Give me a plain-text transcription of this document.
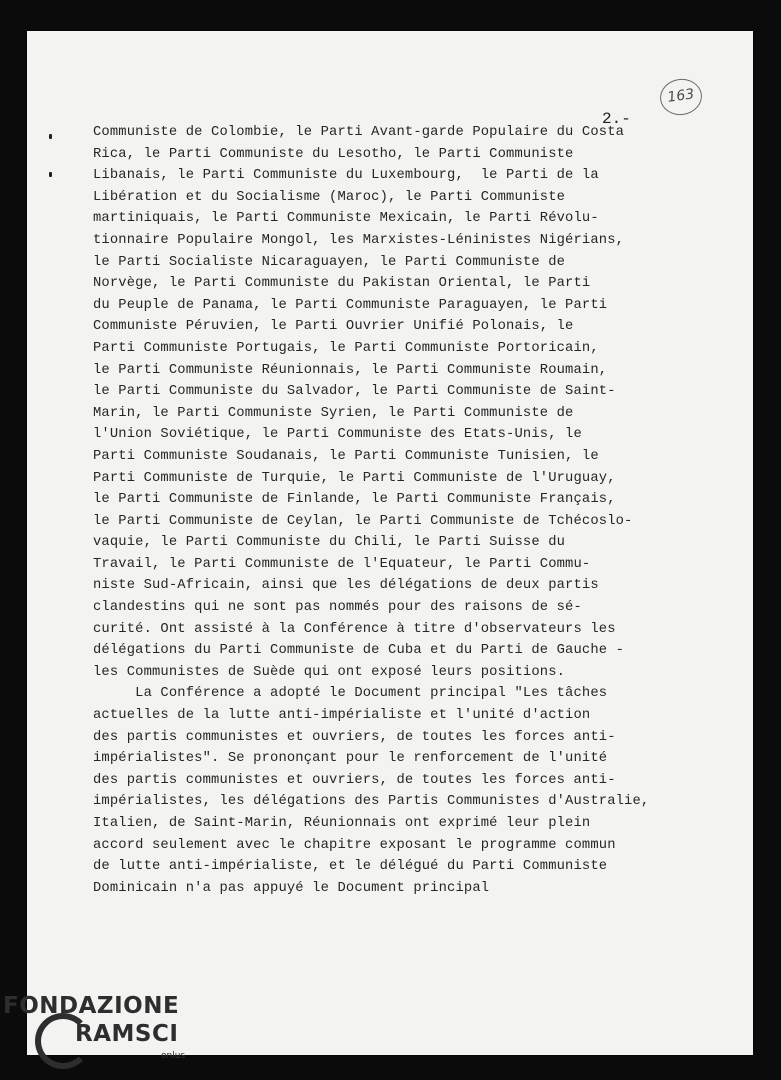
163
2.-
Communiste de Colombie, le Parti Avant-garde Populaire du Costa
Rica, le Parti Communiste du Lesotho, le Parti Communiste
Libanais, le Parti Communiste du Luxembourg,  le Parti de la
Libération et du Socialisme (Maroc), le Parti Communiste
martiniquais, le Parti Communiste Mexicain, le Parti Révolu-
tionnaire Populaire Mongol, les Marxistes-Léninistes Nigérians,
le Parti Socialiste Nicaraguayen, le Parti Communiste de
Norvège, le Parti Communiste du Pakistan Oriental, le Parti
du Peuple de Panama, le Parti Communiste Paraguayen, le Parti
Communiste Péruvien, le Parti Ouvrier Unifié Polonais, le
Parti Communiste Portugais, le Parti Communiste Portoricain,
le Parti Communiste Réunionnais, le Parti Communiste Roumain,
le Parti Communiste du Salvador, le Parti Communiste de Saint-
Marin, le Parti Communiste Syrien, le Parti Communiste de
l'Union Soviétique, le Parti Communiste des Etats-Unis, le
Parti Communiste Soudanais, le Parti Communiste Tunisien, le
Parti Communiste de Turquie, le Parti Communiste de l'Uruguay,
le Parti Communiste de Finlande, le Parti Communiste Français,
le Parti Communiste de Ceylan, le Parti Communiste de Tchécoslo-
vaquie, le Parti Communiste du Chili, le Parti Suisse du
Travail, le Parti Communiste de l'Equateur, le Parti Commu-
niste Sud-Africain, ainsi que les délégations de deux partis
clandestins qui ne sont pas nommés pour des raisons de sé-
curité. Ont assisté à la Conférence à titre d'observateurs les
délégations du Parti Communiste de Cuba et du Parti de Gauche -
les Communistes de Suède qui ont exposé leurs positions.
La Conférence a adopté le Document principal "Les tâches
actuelles de la lutte anti-impérialiste et l'unité d'action
des partis communistes et ouvriers, de toutes les forces anti-
impérialistes". Se prononçant pour le renforcement de l'unité
des partis communistes et ouvriers, de toutes les forces anti-
impérialistes, les délégations des Partis Communistes d'Australie,
Italien, de Saint-Marin, Réunionnais ont exprimé leur plein
accord seulement avec le chapitre exposant le programme commun
de lutte anti-impérialiste, et le délégué du Parti Communiste
Dominicain n'a pas appuyé le Document principal
FONDAZIONE
RAMSCI
onlus
